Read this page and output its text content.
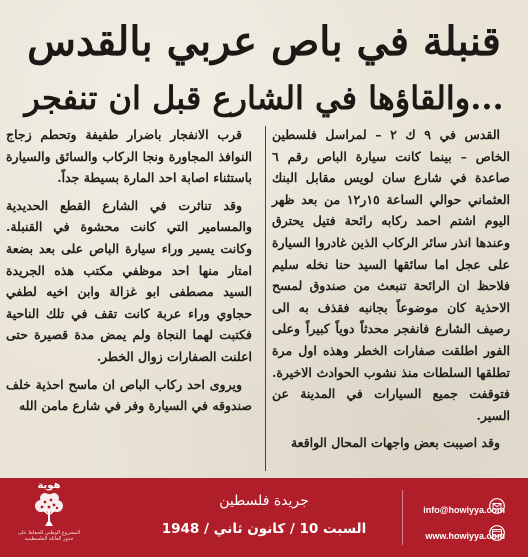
قنبلة في باص عربي بالقدس
...والقاؤها في الشارع قبل ان تنفجر

القدس في ٩ ك ٢ – لمراسل فلسطين الخاص – بينما كانت سيارة الباص رقم ٦ صاعدة في شارع سان لويس مقابل البنك العثماني حوالي الساعة ١٥ر١٢ من بعد ظهر اليوم اشتم احمد ركابه رائحة فتيل يحترق وعندها انذر سائر الركاب الذين غادروا السيارة على عجل اما سائقها السيد حنا نخله سليم فلاحظ ان الرائحة تنبعث من صندوق لمسح الاحذية كان موضوعاً بجانبه فقذف به الى رصيف الشارع فانفجر محدثاً دوياً كبيراً وعلى الفور اطلقت صفارات الخطر وهذه اول مرة تطلقها السلطات منذ نشوب الحوادث الاخيرة. فتوقفت جميع السيارات في المدينة عن السير.

وقد اصيبت بعض واجهات المحال الواقعة

قرب الانفجار باضرار طفيفة وتحطم زجاج النوافذ المجاورة ونجا الركاب والسائق والسيارة باستثناء اصابة احد المارة بسيطة جداً.

وقد تناثرت في الشارع القطع الحديدية والمسامير التي كانت محشوة في القنبلة. وكانت يسير وراء سيارة الباص على بعد بضعة امتار منها احد موظفي مكتب هذه الجريدة السيد مصطفى ابو غزالة وابن اخيه لطفي حجاوي وراء عربة كانت تقف في تلك الناحية فكتبت لهما النجاة ولم يمض مدة قصيرة حتى اعلنت الصفارات زوال الخطر.

ويروى احد ركاب الباص ان ماسح احذية خلف صندوقه في السيارة وفر في شارع مامن الله

هوية
المشروع الوطني للحفاظ على جذور العائلة الفلسطينية
جريدة فلسطين
السبت 10 / كانون ثاني / 1948
info@howiyya.com
www.howiyya.com
